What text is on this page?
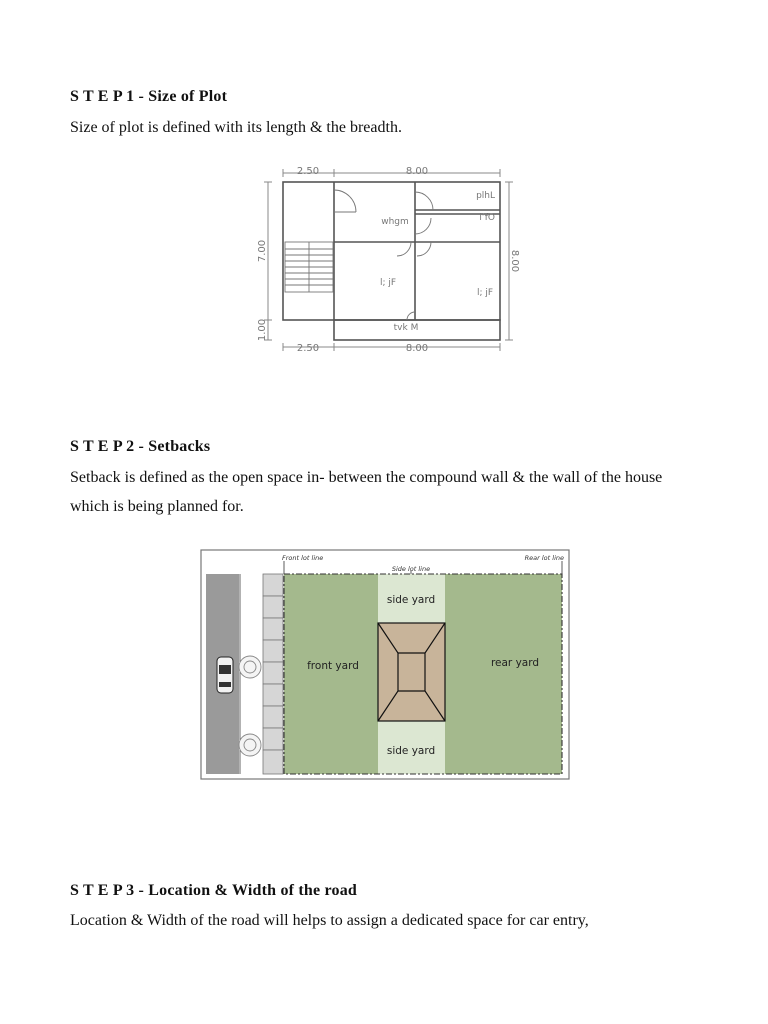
S T E P 1 - Size of Plot

Size of plot is defined with its length & the breadth.

2.50	8.00
2.50	8.00
7.00
1.00
8.00
plhL
l’fO
whgm
l; jF
l; jF
tvk M

S T E P 2 - Setbacks

Setback is defined as the open space in- between the compound wall & the wall of the house which is being planned for.

Front lot line
Side lot line
Rear lot line
side yard
side yard
front yard	rear yard

S T E P 3 - Location & Width of the road

Location & Width of the road will helps to assign a dedicated space for car entry,
